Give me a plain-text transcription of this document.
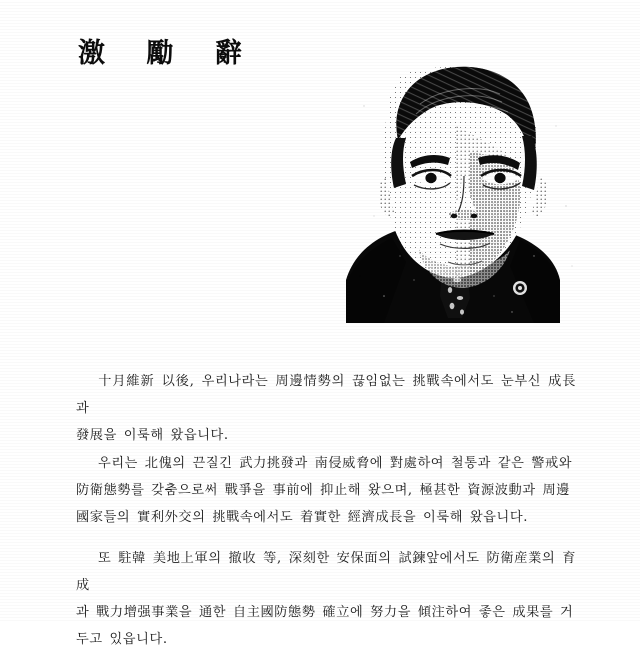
激 勵 辭
十月維新 以後, 우리나라는 周邊情勢의 끊임없는 挑戰속에서도 눈부신 成長과
發展을 이룩해 왔읍니다.
우리는 北傀의 끈질긴 武力挑發과 南侵威脅에 對處하여 철통과 같은 警戒와
防衛態勢를 갖춤으로써 戰爭을 事前에 抑止해 왔으며, 極甚한 資源波動과 周邊
國家들의 實利外交의 挑戰속에서도 着實한 經濟成長을 이룩해 왔읍니다.
또 駐韓 美地上軍의 撤收 等, 深刻한 安保面의 試鍊앞에서도 防衛産業의 育成
과 戰力增强事業을 通한 自主國防態勢 確立에 努力을 傾注하여 좋은 成果를 거
두고 있읍니다.
